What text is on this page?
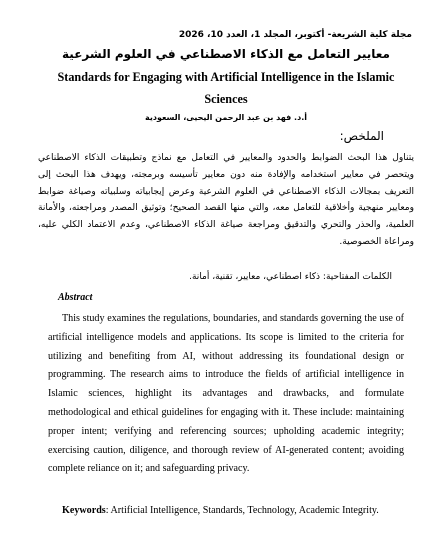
مجلة كلية الشريعة- أكتوبر، المجلد 1، العدد 10، 2026
معايير التعامل مع الذكاء الاصطناعي في العلوم الشرعية
Standards for Engaging with Artificial Intelligence in the Islamic Sciences
أ.د. فهد بن عبد الرحمن اليحيى، السعودية
الملخص:
يتناول هذا البحث الضوابط والحدود والمعايير في التعامل مع نماذج وتطبيقات الذكاء الاصطناعي ويتحصر في معايير استخدامه والإفادة منه دون معايير تأسيسه وبرمجته، ويهدف هذا البحث إلى التعريف بمجالات الذكاء الاصطناعي في العلوم الشرعية وعرض إيجابياته وسلبياته وصياغة ضوابط ومعايير منهجية وأخلاقية للتعامل معه، والتي منها القصد الصحيح؛ وتوثيق المصدر ومراجعته، والأمانة العلمية، والحذر والتحري والتدقيق ومراجعة صياغة الذكاء الاصطناعي، وعدم الاعتماد الكلي عليه، ومراعاة الخصوصية.
الكلمات المفتاحية: ذكاء اصطناعي، معايير، تقنية، أمانة.
Abstract
This study examines the regulations, boundaries, and standards governing the use of artificial intelligence models and applications. Its scope is limited to the criteria for utilizing and benefiting from AI, without addressing its foundational design or programming. The research aims to introduce the fields of artificial intelligence in Islamic sciences, highlight its advantages and drawbacks, and formulate methodological and ethical guidelines for engaging with it. These include: maintaining proper intent; verifying and referencing sources; upholding academic integrity; exercising caution, diligence, and thorough review of AI-generated content; avoiding complete reliance on it; and safeguarding privacy.
Keywords: Artificial Intelligence, Standards, Technology, Academic Integrity.
